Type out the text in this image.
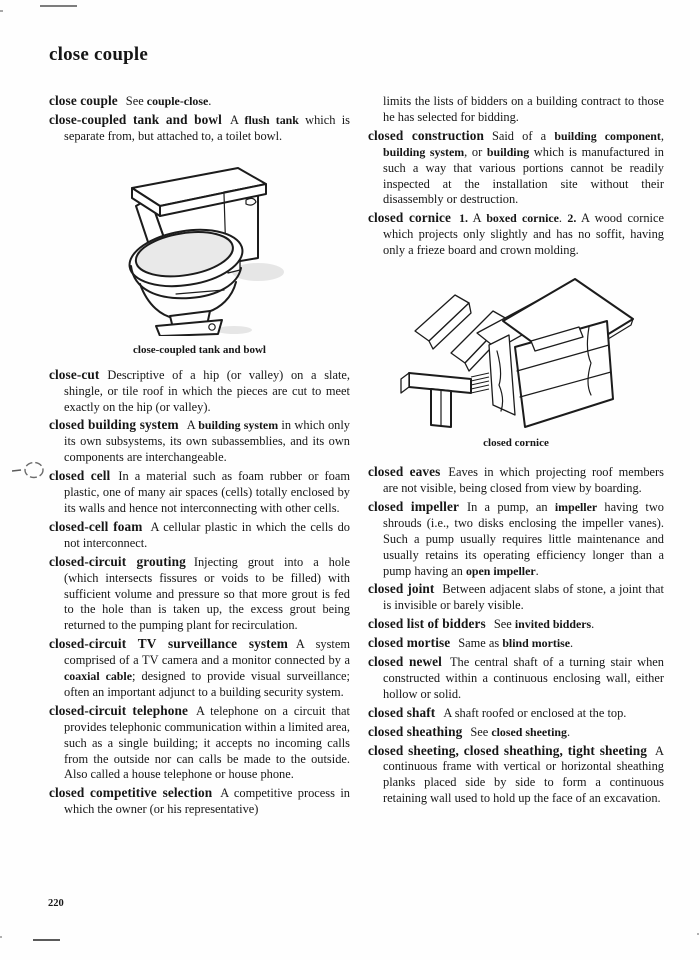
close couple

close couple See couple-close.

close-coupled tank and bowl A flush tank which is separate from, but attached to, a toilet bowl.

close-coupled tank and bowl

close-cut Descriptive of a hip (or valley) on a slate, shingle, or tile roof in which the pieces are cut to meet exactly on the hip (or valley).

closed building system A building system in which only its own subsystems, its own subassemblies, and its own components are interchangeable.

closed cell In a material such as foam rubber or foam plastic, one of many air spaces (cells) totally enclosed by its walls and hence not interconnecting with other cells.

closed-cell foam A cellular plastic in which the cells do not interconnect.

closed-circuit grouting Injecting grout into a hole (which intersects fissures or voids to be filled) with sufficient volume and pressure so that more grout is fed to the hole than is taken up, the excess grout being returned to the pumping plant for recirculation.

closed-circuit TV surveillance system A system comprised of a TV camera and a monitor connected by a coaxial cable; designed to provide visual surveillance; often an important adjunct to a building security system.

closed-circuit telephone A telephone on a circuit that provides telephonic communication within a limited area, such as a single building; it accepts no incoming calls from the outside nor can calls be made to the outside. Also called a house telephone or house phone.

closed competitive selection A competitive process in which the owner (or his representative)

limits the lists of bidders on a building contract to those he has selected for bidding.

closed construction Said of a building component, building system, or building which is manufactured in such a way that various portions cannot be readily inspected at the installation site without their disassembly or destruction.

closed cornice 1. A boxed cornice. 2. A wood cornice which projects only slightly and has no soffit, having only a frieze board and crown molding.

closed cornice

closed eaves Eaves in which projecting roof members are not visible, being closed from view by boarding.

closed impeller In a pump, an impeller having two shrouds (i.e., two disks enclosing the impeller vanes). Such a pump usually requires little maintenance and usually retains its operating efficiency longer than a pump having an open impeller.

closed joint Between adjacent slabs of stone, a joint that is invisible or barely visible.

closed list of bidders See invited bidders.

closed mortise Same as blind mortise.

closed newel The central shaft of a turning stair when constructed within a continuous enclosing wall, either hollow or solid.

closed shaft A shaft roofed or enclosed at the top.

closed sheathing See closed sheeting.

closed sheeting, closed sheathing, tight sheeting A continuous frame with vertical or horizontal sheathing planks placed side by side to form a continuous retaining wall used to hold up the face of an excavation.

220
